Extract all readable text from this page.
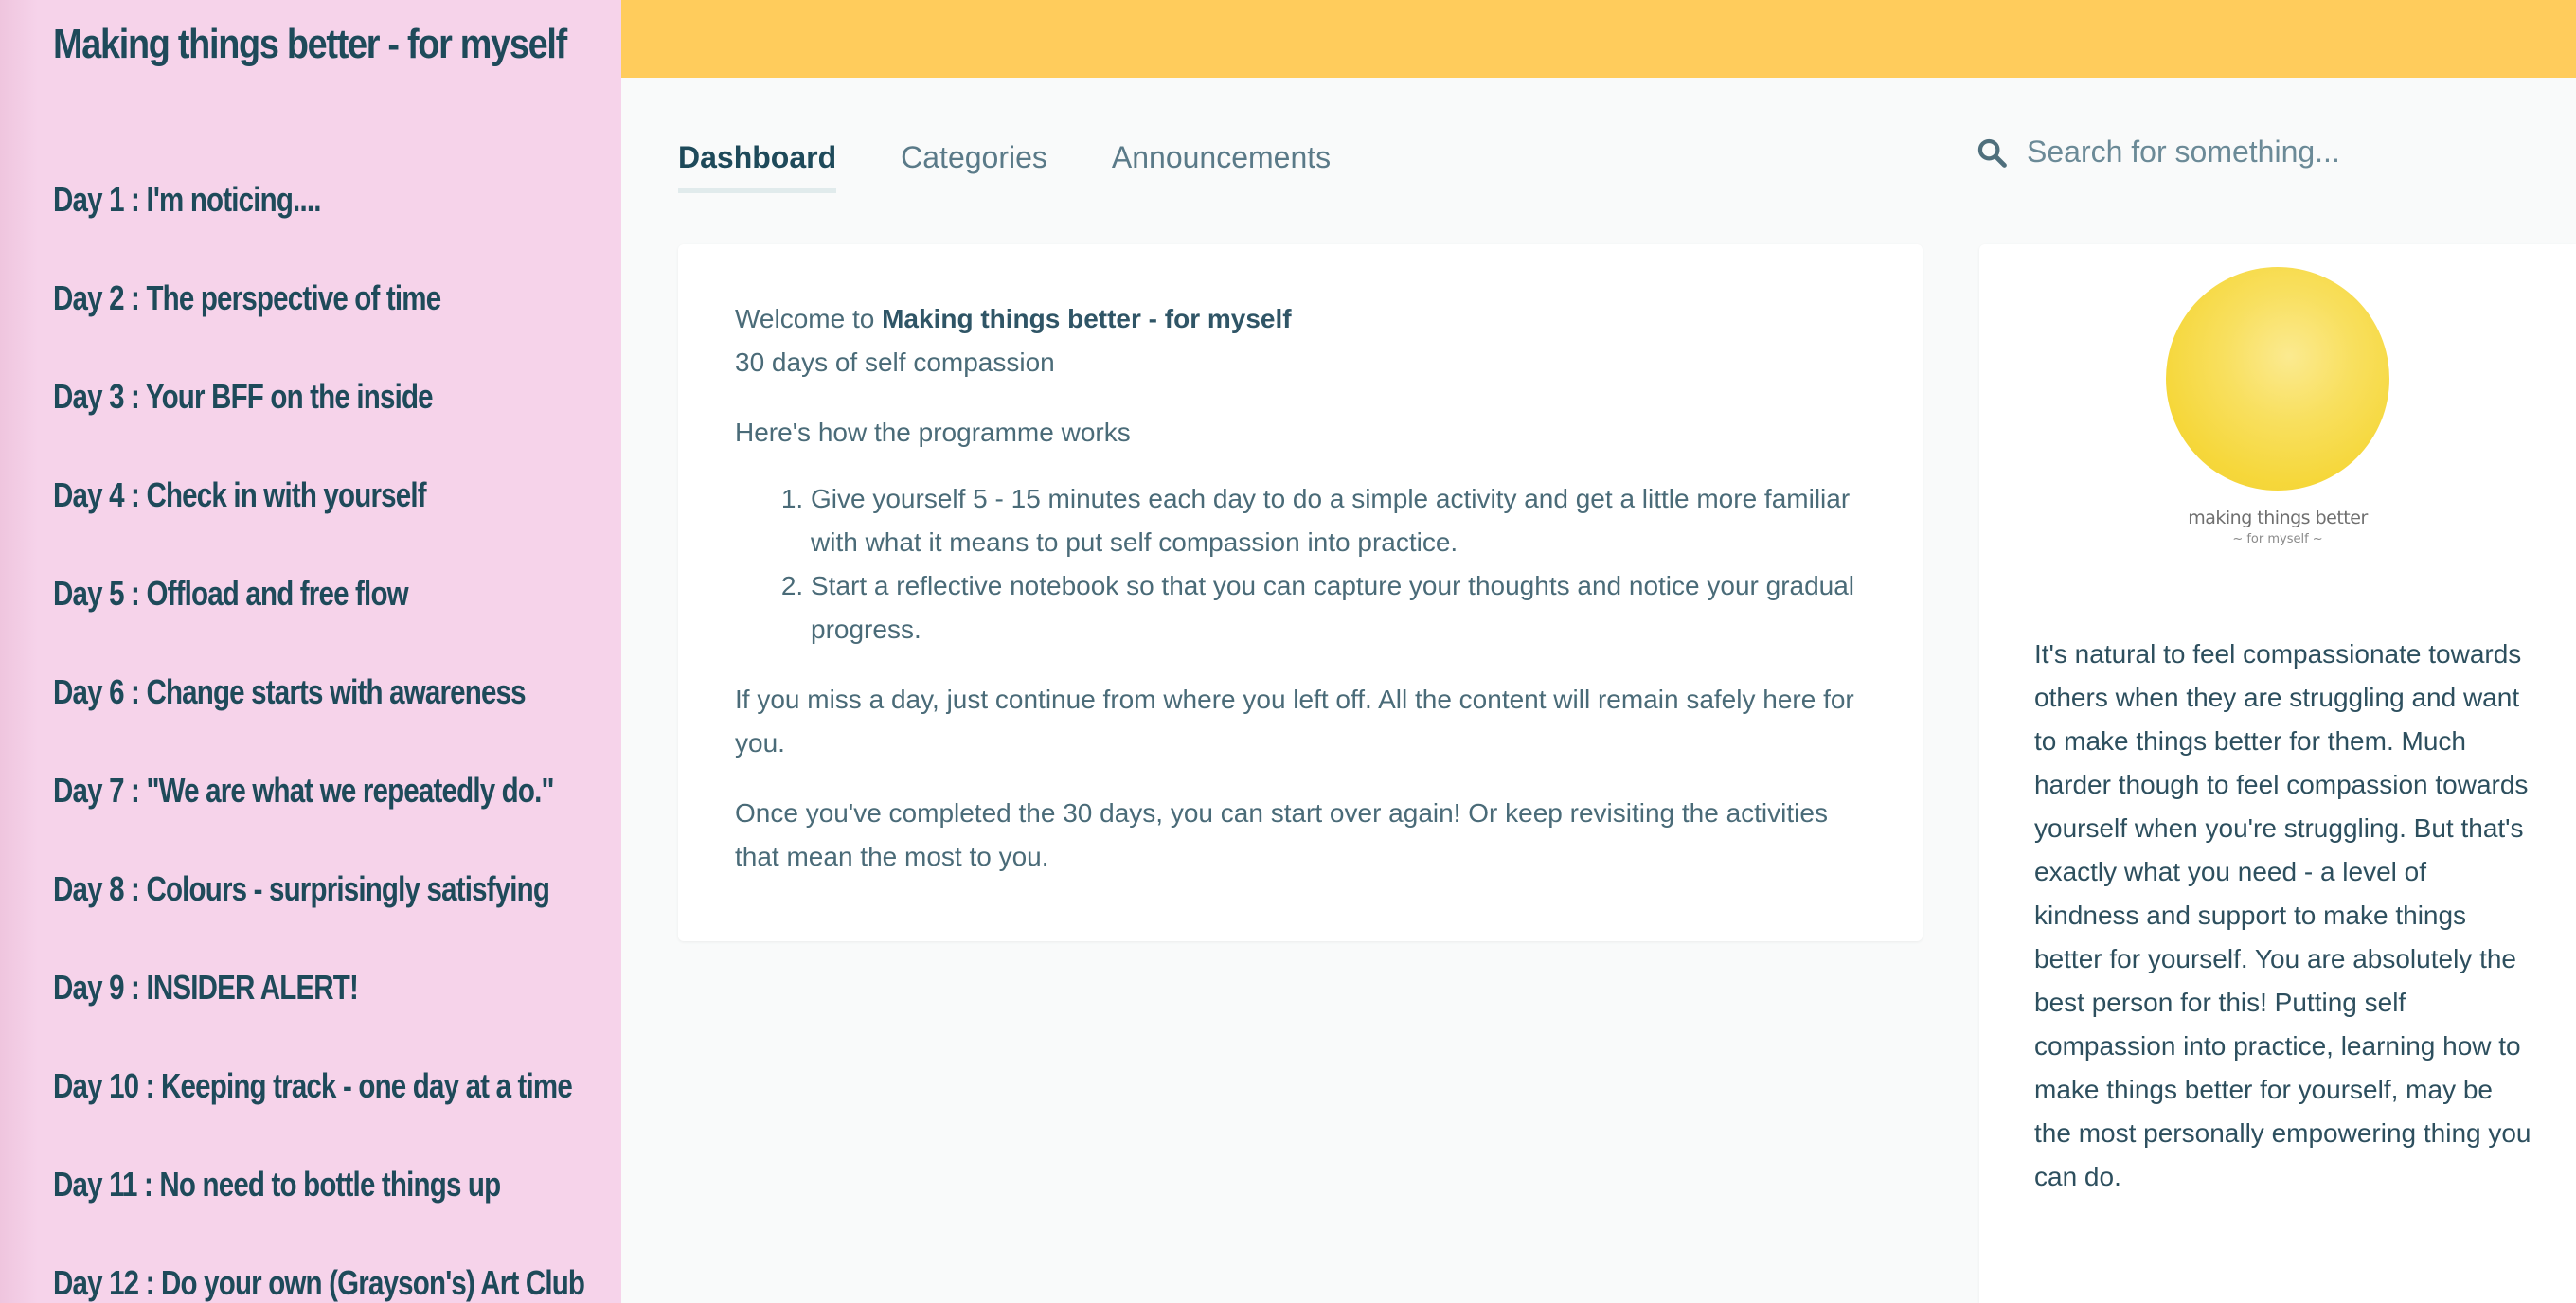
Making things better - for myself
Day 1 : I'm noticing....
Day 2 : The perspective of time
Day 3 : Your BFF on the inside
Day 4 : Check in with yourself
Day 5 : Offload and free flow
Day 6 : Change starts with awareness
Day 7 : "We are what we repeatedly do."
Day 8 : Colours - surprisingly satisfying
Day 9 : INSIDER ALERT!
Day 10 : Keeping track - one day at a time
Day 11 : No need to bottle things up
Day 12 : Do your own (Grayson's) Art Club
Dashboard Categories Announcements
Search for something...

Welcome to Making things better - for myself
30 days of self compassion

Here's how the programme works

1. Give yourself 5 - 15 minutes each day to do a simple activity and get a little more familiar with what it means to put self compassion into practice.
2. Start a reflective notebook so that you can capture your thoughts and notice your gradual progress.

If you miss a day, just continue from where you left off. All the content will remain safely here for you.

Once you've completed the 30 days, you can start over again! Or keep revisiting the activities that mean the most to you.

making things better
~ for myself ~
It's natural to feel compassionate towards others when they are struggling and want to make things better for them. Much harder though to feel compassion towards yourself when you're struggling. But that's exactly what you need - a level of kindness and support to make things better for yourself. You are absolutely the best person for this! Putting self compassion into practice, learning how to make things better for yourself, may be the most personally empowering thing you can do.
